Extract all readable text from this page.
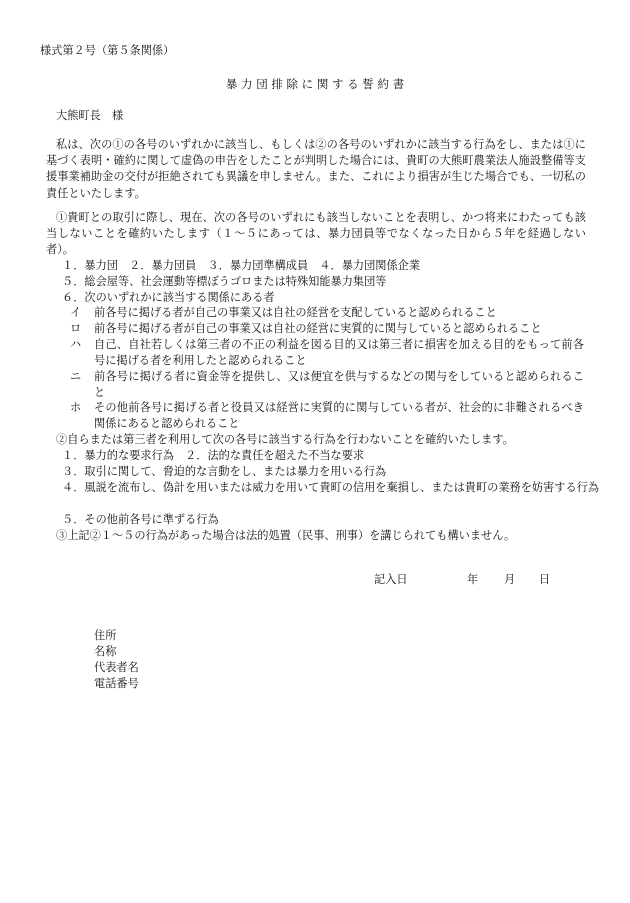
様式第２号（第５条関係）
暴 力 団 排 除 に 関 す る 誓 約 書
大熊町長　様
私は、次の①の各号のいずれかに該当し、もしくは②の各号のいずれかに該当する行為をし、または①に基づく表明・確約に関して虚偽の申告をしたことが判明した場合には、貴町の大熊町農業法人施設整備等支援事業補助金の交付が拒絶されても異議を申しません。また、これにより損害が生じた場合でも、一切私の責任といたします。
①貴町との取引に際し、現在、次の各号のいずれにも該当しないことを表明し、かつ将来にわたっても該当しないことを確約いたします（１～５にあっては、暴力団員等でなくなった日から５年を経過しない者）。
１．暴力団　２．暴力団員　３．暴力団準構成員　４．暴力団関係企業
５．総会屋等、社会運動等標ぼうゴロまたは特殊知能暴力集団等
６．次のいずれかに該当する関係にある者
イ 前各号に掲げる者が自己の事業又は自社の経営を支配していると認められること
ロ 前各号に掲げる者が自己の事業又は自社の経営に実質的に関与していると認められること
ハ 自己、自社若しくは第三者の不正の利益を図る目的又は第三者に損害を加える目的をもって前各号に掲げる者を利用したと認められること
ニ 前各号に掲げる者に資金等を提供し、又は便宜を供与するなどの関与をしていると認められること
ホ その他前各号に掲げる者と役員又は経営に実質的に関与している者が、社会的に非難されるべき関係にあると認められること
②自らまたは第三者を利用して次の各号に該当する行為を行わないことを確約いたします。
１．暴力的な要求行為　２．法的な責任を超えた不当な要求
３．取引に関して、脅迫的な言動をし、または暴力を用いる行為
４．風説を流布し、偽計を用いまたは威力を用いて貴町の信用を棄損し、または貴町の業務を妨害する行為
５．その他前各号に準ずる行為
③上記②１～５の行為があった場合は法的処置（民事、刑事）を講じられても構いません。
記入日	年 月 日
住所
名称
代表者名
電話番号
